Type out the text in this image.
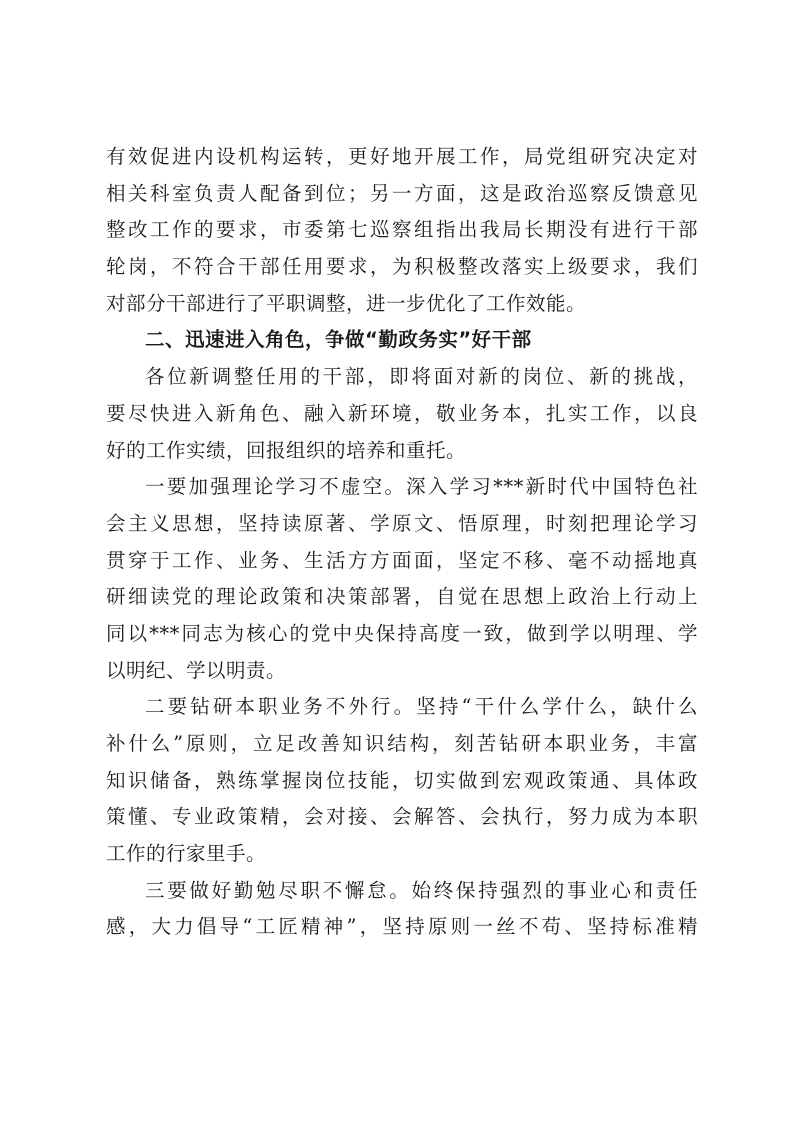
有效促进内设机构运转，更好地开展工作，局党组研究决定对
相关科室负责人配备到位；另一方面，这是政治巡察反馈意见
整改工作的要求，市委第七巡察组指出我局长期没有进行干部
轮岗，不符合干部任用要求，为积极整改落实上级要求，我们
对部分干部进行了平职调整，进一步优化了工作效能。
二、迅速进入角色，争做“勤政务实”好干部
各位新调整任用的干部，即将面对新的岗位、新的挑战，
要尽快进入新角色、融入新环境，敬业务本，扎实工作，以良
好的工作实绩，回报组织的培养和重托。
一要加强理论学习不虚空。深入学习***新时代中国特色社
会主义思想，坚持读原著、学原文、悟原理，时刻把理论学习
贯穿于工作、业务、生活方方面面，坚定不移、毫不动摇地真
研细读党的理论政策和决策部署，自觉在思想上政治上行动上
同以***同志为核心的党中央保持高度一致，做到学以明理、学
以明纪、学以明责。
二要钻研本职业务不外行。坚持“干什么学什么，缺什么
补什么”原则，立足改善知识结构，刻苦钻研本职业务，丰富
知识储备，熟练掌握岗位技能，切实做到宏观政策通、具体政
策懂、专业政策精，会对接、会解答、会执行，努力成为本职
工作的行家里手。
三要做好勤勉尽职不懈怠。始终保持强烈的事业心和责任
感，大力倡导“工匠精神”，坚持原则一丝不苟、坚持标准精
